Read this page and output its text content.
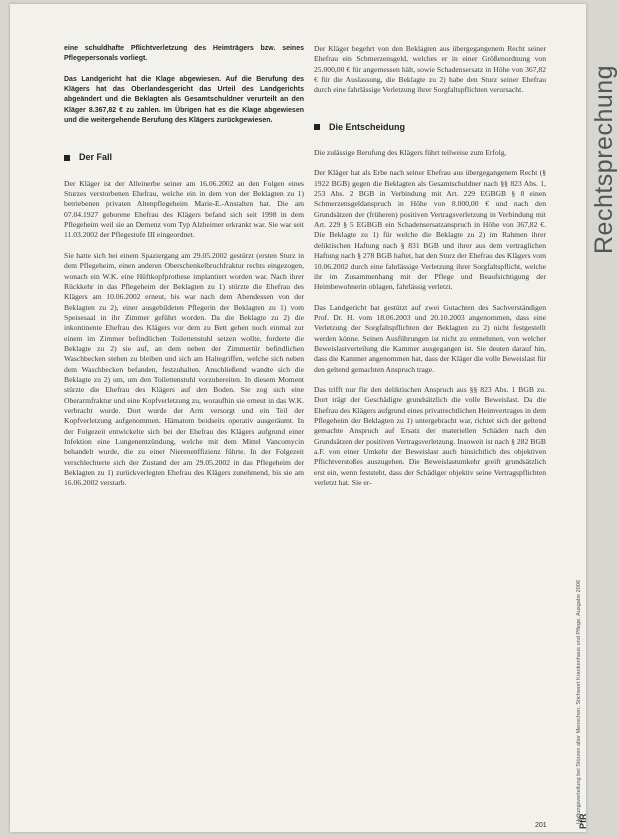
eine schuldhafte Pflichtverletzung des Heimträgers bzw. seines Pflegepersonals vorliegt.

Das Landgericht hat die Klage abgewiesen. Auf die Berufung des Klägers hat das Oberlandesgericht das Urteil des Landgerichts abgeändert und die Beklagten als Gesamtschuldner verurteilt an den Kläger 8.367,82 € zu zahlen. Im Übrigen hat es die Klage abgewiesen und die weitergehende Berufung des Klägers zurückgewiesen.

Der Fall

Der Kläger ist der Alleinerbe seiner am 16.06.2002 an den Folgen eines Sturzes verstorbenen Ehefrau, welche ein in dem von der Beklagten zu 1) betriebenen privaten Altenpflegeheim Marie-E.-Anstalten hat. Die am 07.04.1927 geborene Ehefrau des Klägers befand sich seit 1998 in dem Pflegeheim weil sie an Demenz vom Typ Alzheimer erkrankt war. Sie war seit 11.03.2002 der Pflegestufe III eingeordnet.

Sie hatte sich bei einem Spaziergang am 29.05.2002 gestürzt (ersten Sturz in dem Pflegeheim, einen anderen Oberschenkelbruchfraktur rechts eingezogen, wonach ein W.K. eine Hüftkopfprothese implantiert worden war. Nach ihrer Rückkehr in das Pflegeheim der Beklagten zu 1) stürzte die Ehefrau des Klägers am 10.06.2002 erneut, bis war nach dem Abendessen von der Beklagten zu 2), einer ausgebildeten Pflegerin der Beklagten zu 1) vom Speisesaal in ihr Zimmer geführt worden. Da die Beklagte zu 2) die inkontinente Ehefrau des Klägers vor dem zu Bett gehen noch einmal zur einem im Zimmer befindlichen Toilettenstuhl setzen wollte, forderte die Beklagte zu 2) sie auf, an dem neben der Zimmertür befindlichen Waschbecken stehen zu bleiben und sich am Haltegriffen, welche sich neben dem Waschbecken befanden, festzuhalten. Anschließend wandte sich die Beklagte zu 2) um, um den Toilettenstuhl vorzubereiten. In diesem Moment stürzte die Ehefrau des Klägers auf den Boden. Sie zog sich eine Oberarmfraktur und eine Kopfverletzung zu, woraufhin sie erneut in das W.K. verbracht wurde. Dort wurde der Arm versorgt und ein Teil der Kopfverletzung aufgenommen. Hämatom beidseits operativ ausgeräumt. In der Folgezeit entwickelte sich bei der Ehefrau des Klägers aufgrund einer Infektion eine Lungenentzündung, welche mit dem Mittel Vancomycin behandelt wurde, die zu einer Nierenenffizienz führte. In der Folgezeit verschlechterte sich der Zustand der am 29.05.2002 in das Pflegeheim der Beklagten zu 1) zurückverlegten Ehefrau des Klägers zunehmend, bis sie am 16.06.2002 verstarb.

Der Kläger begehrt von den Beklagten aus übergegangenem Recht seiner Ehefrau ein Schmerzensgeld, welches er in einer Größenordnung von 25.000,00 € für angemessen hält, sowie Schadensersatz in Höhe von 367,82 € für die Auslassung, die Beklagte zu 2) habe den Sturz seiner Ehefrau durch eine fahrlässige Verletzung ihrer Sorgfaltspflichten verursacht.

Die Entscheidung

Die zulässige Berufung des Klägers führt teilweise zum Erfolg.

Der Kläger hat als Erbe nach seiner Ehefrau aus übergegangenem Recht (§ 1922 BGB) gegen die Beklagten als Gesamtschuldner nach §§ 823 Abs. 1, 253 Abs. 2 BGB in Verbindung mit Art. 229 EGBGB § 8 einen Schmerzensgeldanspruch in Höhe von 8.000,00 € und nach den Grundsätzen der (früheren) positiven Vertragsverletzung in Verbindung mit Art. 229 § 5 EGBGB ein Schadensersatzanspruch in Höhe von 367,82 €. Die Beklagte zu 1) für welche die Beklagte zu 2) im Rahmen ihrer deliktischen Haftung nach § 831 BGB und ihrer aus dem vertraglichen Haftung nach § 278 BGB haftet, hat den Sturz der Ehefrau des Klägers vom 10.06.2002 durch eine fahrlässige Verletzung ihrer Sorgfaltspflicht, welche ihr im Zusammenhang mit der Pflege und Beaufsichtigung der Heimbewohnerin oblagen, fahrlässig verletzt.

Das Landgericht hat gestützt auf zwei Gutachten des Sachverständigen Prof. Dr. H. vom 18.06.2003 und 20.10.2003 angenommen, dass eine Verletzung der Sorgfaltspflichten der Beklagten zu 2) nicht festgestellt werden könne. Seinen Ausführungen ist nicht zu entnehmen, von welcher Beweislastverteilung die Kammer ausgegangen ist. Sie deuten darauf hin, dass die Kammer angenommen hat, dass der Kläger die volle Beweislast für den geltend gemachten Anspruch trage.

Das trifft nur für den deliktischen Anspruch aus §§ 823 Abs. 1 BGB zu. Dort trägt der Geschädigte grundsätzlich die volle Beweislast. Da die Ehefrau des Klägers aufgrund eines privatrechtlichen Heimvertrages in dem Pflegeheim der Beklagten zu 1) untergebracht war, richtet sich der geltend gemachte Anspruch auf Ersatz der materiellen Schäden nach den Grundsätzen der positiven Vertragsverletzung. Insoweit ist nach § 282 BGB a.F. von einer Umkehr der Beweislast auch hinsichtlich des objektiven Pflichtverstoßes auszugehen. Die Beweislastumkehr greift grundsätzlich erst ein, wenn feststeht, dass der Schädiger objektiv seine Vertragspflichten verletzt hat. Sie er-

Rechtsprechung
Haftungsverteilung bei Stürzen alter Menschen, Stichwort Krankenhaus und Pflege, Ausgabe 2006
PfR
201
